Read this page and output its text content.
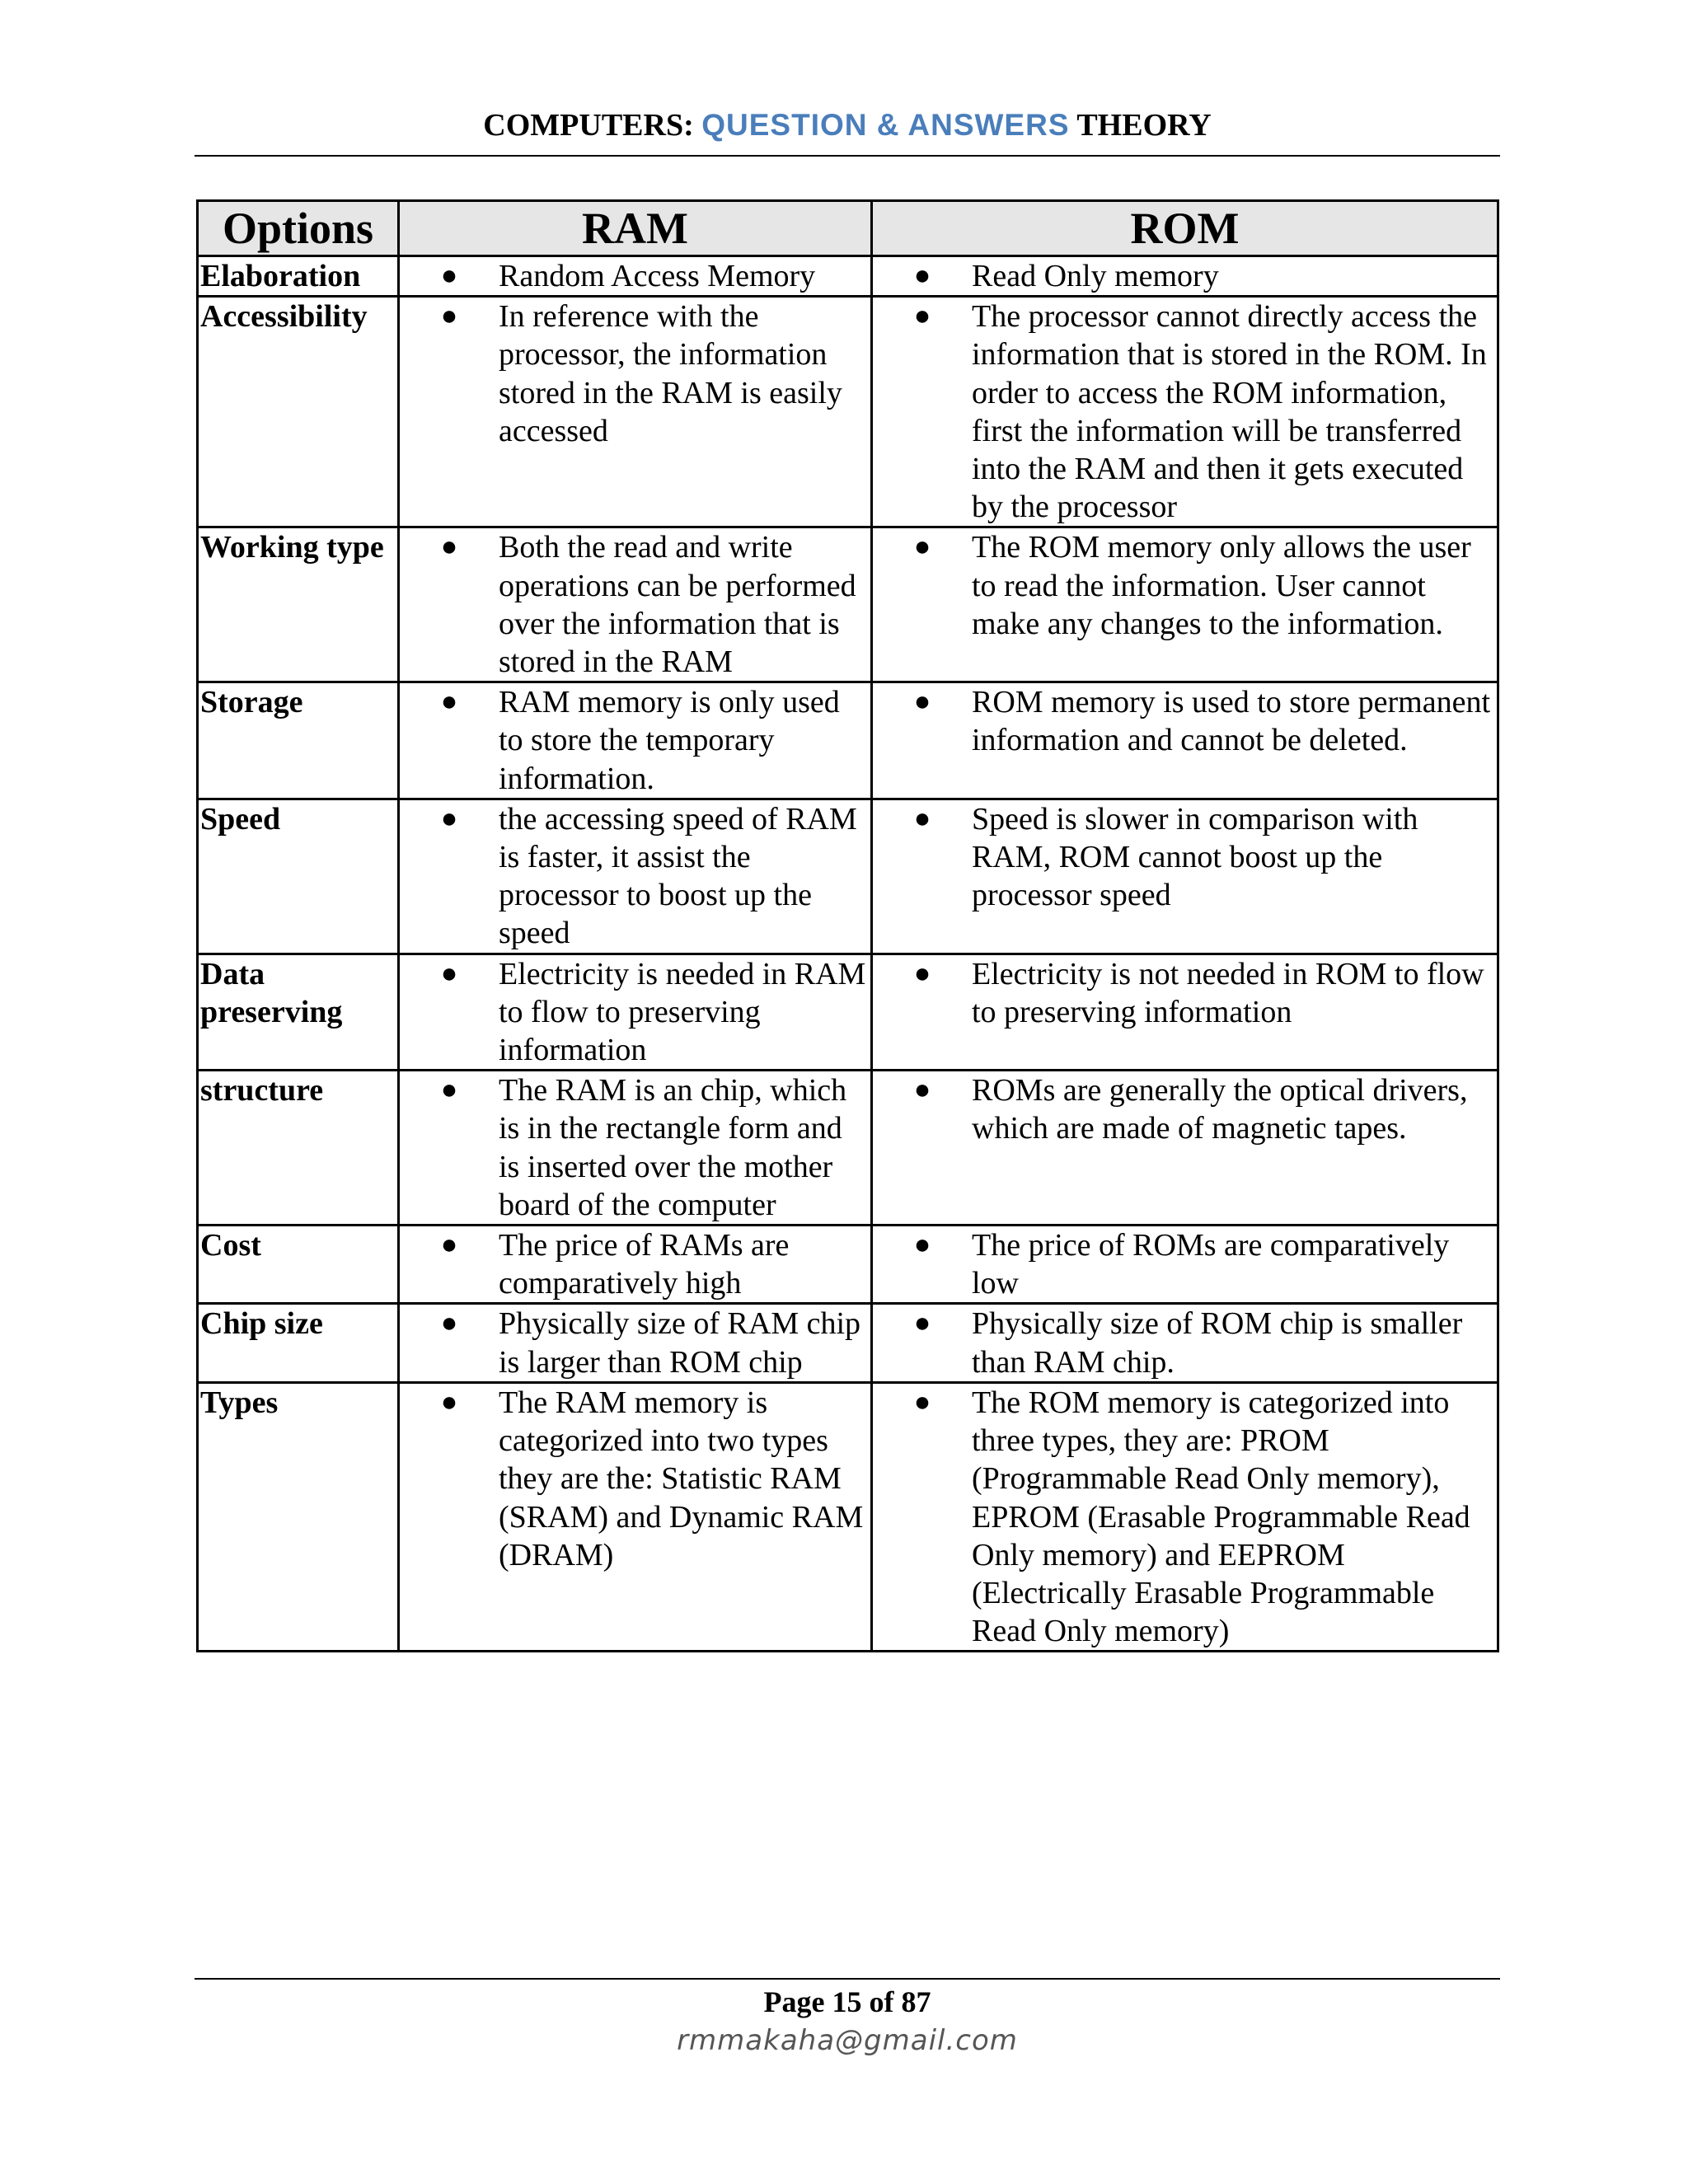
COMPUTERS: QUESTION & ANSWERS THEORY
Options	RAM	ROM
Elaboration	● Random Access Memory	● Read Only memory

Accessibility	● In reference with the processor, the information stored in the RAM is easily accessed	● The processor cannot directly access the information that is stored in the ROM. In order to access the ROM information, first the information will be transferred into the RAM and then it gets executed by the processor

Working type	● Both the read and write operations can be performed over the information that is stored in the RAM	● The ROM memory only allows the user to read the information. User cannot make any changes to the information.

Storage	● RAM memory is only used to store the temporary information.	● ROM memory is used to store permanent information and cannot be deleted.

Speed	● the accessing speed of RAM is faster, it assist the processor to boost up the speed	● Speed is slower in comparison with RAM, ROM cannot boost up the processor speed

Data preserving	● Electricity is needed in RAM to flow to preserving information	● Electricity is not needed in ROM to flow to preserving information

structure	● The RAM is an chip, which is in the rectangle form and is inserted over the mother board of the computer	● ROMs are generally the optical drivers, which are made of magnetic tapes.

Cost	● The price of RAMs are comparatively high	● The price of ROMs are comparatively low

Chip size	● Physically size of RAM chip is larger than ROM chip	● Physically size of ROM chip is smaller than RAM chip.

Types	● The RAM memory is categorized into two types they are the: Statistic RAM (SRAM) and Dynamic RAM (DRAM)	● The ROM memory is categorized into three types, they are: PROM (Programmable Read Only memory), EPROM (Erasable Programmable Read Only memory) and EEPROM (Electrically Erasable Programmable Read Only memory)
Page 15 of 87
rmmakaha@gmail.com
